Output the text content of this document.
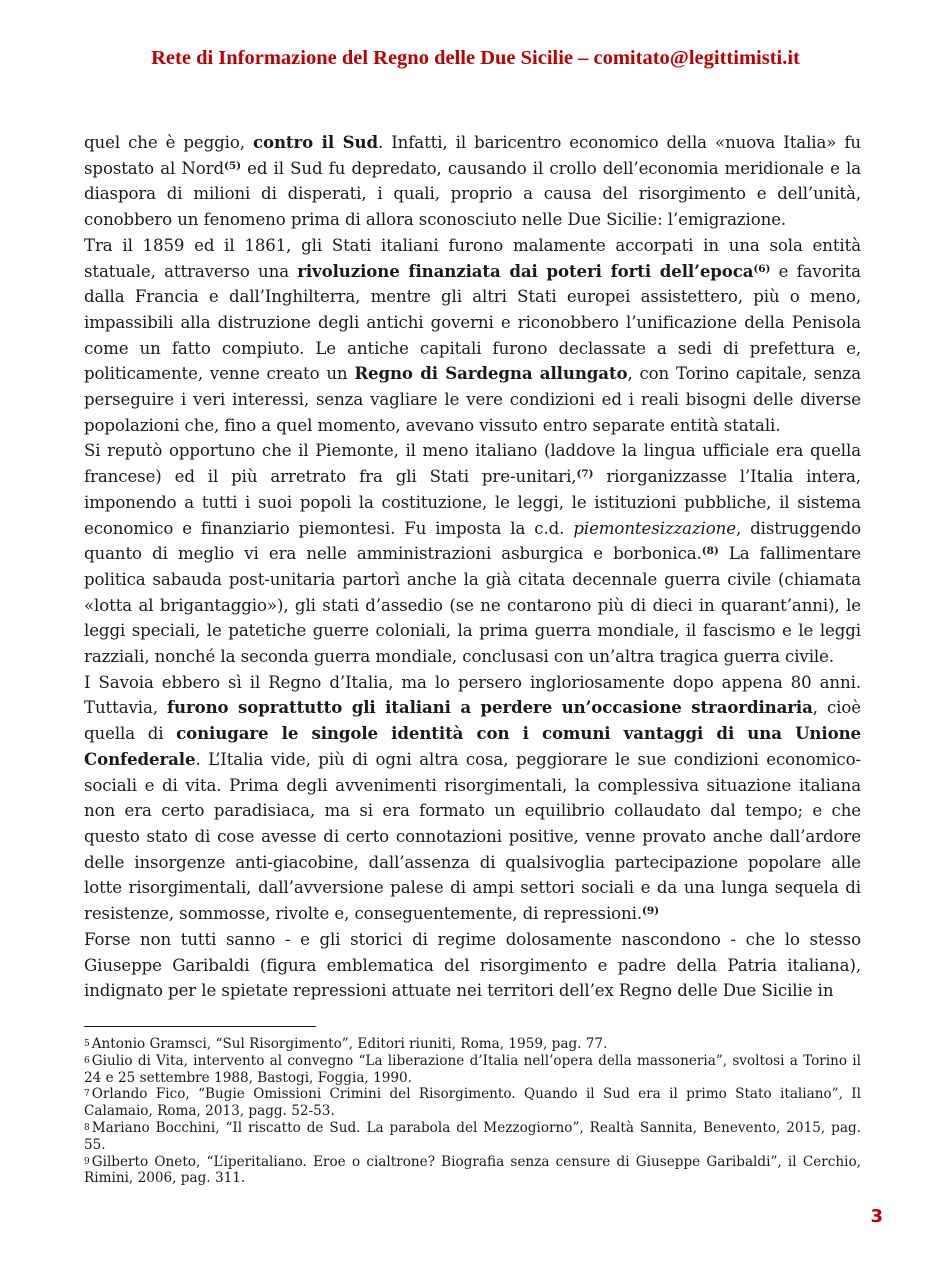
Rete di Informazione del Regno delle Due Sicilie – comitato@legittimisti.it

quel che è peggio, contro il Sud. Infatti, il baricentro economico della «nuova Italia» fu spostato al Nord$^{(5)}$ ed il Sud fu depredato, causando il crollo dell’economia meridionale e la diaspora di milioni di disperati, i quali, proprio a causa del risorgimento e dell’unità, conobbero un fenomeno prima di allora sconosciuto nelle Due Sicilie: l’emigrazione.

Tra il 1859 ed il 1861, gli Stati italiani furono malamente accorpati in una sola entità statuale, attraverso una rivoluzione finanziata dai poteri forti dell’epoca$^{(6)}$ e favorita dalla Francia e dall’Inghilterra, mentre gli altri Stati europei assistettero, più o meno, impassibili alla distruzione degli antichi governi e riconobbero l’unificazione della Penisola come un fatto compiuto. Le antiche capitali furono declassate a sedi di prefettura e, politicamente, venne creato un Regno di Sardegna allungato, con Torino capitale, senza perseguire i veri interessi, senza vagliare le vere condizioni ed i reali bisogni delle diverse popolazioni che, fino a quel momento, avevano vissuto entro separate entità statali.

Si reputò opportuno che il Piemonte, il meno italiano (laddove la lingua ufficiale era quella francese) ed il più arretrato fra gli Stati pre-unitari,$^{(7)}$ riorganizzasse l’Italia intera, imponendo a tutti i suoi popoli la costituzione, le leggi, le istituzioni pubbliche, il sistema economico e finanziario piemontesi. Fu imposta la c.d. piemontesizzazione, distruggendo quanto di meglio vi era nelle amministrazioni asburgica e borbonica.$^{(8)}$ La fallimentare politica sabauda post-unitaria partorì anche la già citata decennale guerra civile (chiamata «lotta al brigantaggio»), gli stati d’assedio (se ne contarono più di dieci in quarant’anni), le leggi speciali, le patetiche guerre coloniali, la prima guerra mondiale, il fascismo e le leggi razziali, nonché la seconda guerra mondiale, conclusasi con un’altra tragica guerra civile.

I Savoia ebbero sì il Regno d’Italia, ma lo persero ingloriosamente dopo appena 80 anni. Tuttavia, furono soprattutto gli italiani a perdere un’occasione straordinaria, cioè quella di coniugare le singole identità con i comuni vantaggi di una Unione Confederale. L’Italia vide, più di ogni altra cosa, peggiorare le sue condizioni economico-sociali e di vita. Prima degli avvenimenti risorgimentali, la complessiva situazione italiana non era certo paradisiaca, ma si era formato un equilibrio collaudato dal tempo; e che questo stato di cose avesse di certo connotazioni positive, venne provato anche dall’ardore delle insorgenze anti-giacobine, dall’assenza di qualsivoglia partecipazione popolare alle lotte risorgimentali, dall’avversione palese di ampi settori sociali e da una lunga sequela di resistenze, sommosse, rivolte e, conseguentemente, di repressioni.$^{(9)}$

Forse non tutti sanno - e gli storici di regime dolosamente nascondono - che lo stesso Giuseppe Garibaldi (figura emblematica del risorgimento e padre della Patria italiana), indignato per le spietate repressioni attuate nei territori dell’ex Regno delle Due Sicilie in

5 Antonio Gramsci, “Sul Risorgimento”, Editori riuniti, Roma, 1959, pag. 77.

6 Giulio di Vita, intervento al convegno “La liberazione d’Italia nell’opera della massoneria”, svoltosi a Torino il 24 e 25 settembre 1988, Bastogi, Foggia, 1990.

7 Orlando Fico, “Bugie Omissioni Crimini del Risorgimento. Quando il Sud era il primo Stato italiano”, Il Calamaio, Roma, 2013, pagg. 52-53.

8 Mariano Bocchini, “Il riscatto de Sud. La parabola del Mezzogiorno”, Realtà Sannita, Benevento, 2015, pag. 55.

9 Gilberto Oneto, “L’iperitaliano. Eroe o cialtrone? Biografia senza censure di Giuseppe Garibaldi”, il Cerchio, Rimini, 2006, pag. 311.

3
